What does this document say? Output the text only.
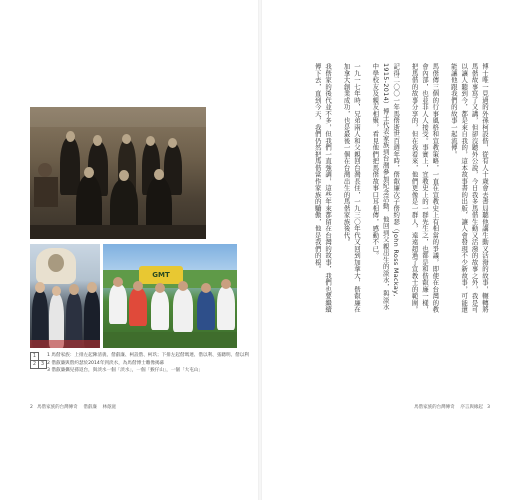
GMT
1
2 3
1 馬偕家族：上排左起陳清義、偕叡廉、柯設偕、柯玖；下排左起偕瑪連、偕以利、張聰明、偕以利
2 偕叡廉與偕約瑟於2014年到淡水，為馬偕博士雕像揭幕
3 偕叡廉攜兒孫返台，與淡水一個「淡水」，一個「猴仔山」，一個「大屯山」
2 馬偕家族的台灣傳奇 偕叡廉 林蔭庭

博士唯一見過的外孫柯設偕，從有人十歲會去書局聽他講生動又活潑的故事，輾轉將馬偕故事寫了又講，但卻沒聽外公說，今日我多馬偕生動又活潑的故事之外，我是可以讓人聽到今，都是來自我的，這本故事書的出版，讓人會發現不少新故事，可能還能讓他跟我們的故事一起流傳。

馬偕傳三個的行事風格和宣教策略，一直在宣教史上有相當的爭議，即使在台灣的教會內部，也並非人人接受。事實上，宣教史上的一群先生之，也都是和偕叡廉一樣，把馬偕的故事分享的，但在我看來，他們更像是一群人，遠遠超過了宣教士的範圍。

記得二〇〇一年馬偕逝世百週年時，偕叡廉次子偕約瑟（John Ross Mackay, 1915-2014）博士代表家族到台灣參加紀念活動，他回到父親出生的淡水，與淡水中學校友及親友相聚，看見他們把馬偕故事口耳相傳，感動不已。

一九一七年時，兄弟兩人和父親回台灣長住，一九三〇年代又回到加拿大，偕叡廉在加拿大創業成功，也是最後一個在台灣出生的馬偕家族後代。

我偕家的後代並不多，但我們一直強調，這些年來都留在台灣的故事，我們也要繼續傳下去，直到今天，我們仍然把馬偕當作家族的驕傲，他是我們的根。

馬偕家族的台灣傳奇 序言與緣起 3
